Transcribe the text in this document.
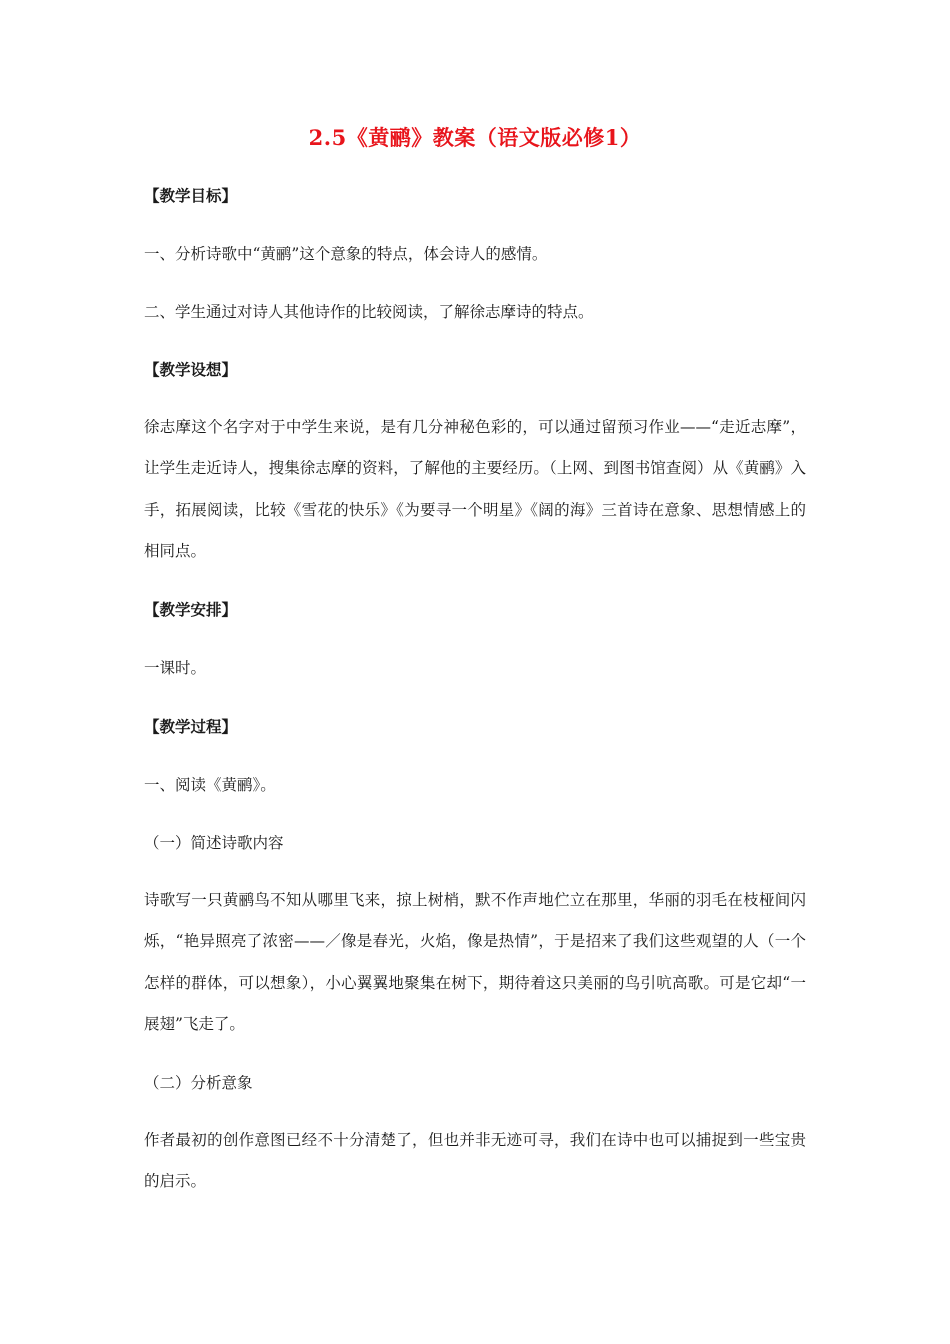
2.5《黄鹂》教案（语文版必修1）
【教学目标】
一、分析诗歌中“黄鹂”这个意象的特点，体会诗人的感情。
二、学生通过对诗人其他诗作的比较阅读，了解徐志摩诗的特点。
【教学设想】
徐志摩这个名字对于中学生来说，是有几分神秘色彩的，可以通过留预习作业——“走近志摩”，让学生走近诗人，搜集徐志摩的资料，了解他的主要经历。（上网、到图书馆查阅）从《黄鹂》入手，拓展阅读，比较《雪花的快乐》《为要寻一个明星》《阔的海》三首诗在意象、思想情感上的相同点。
【教学安排】
一课时。
【教学过程】
一、阅读《黄鹂》。
（一）简述诗歌内容
诗歌写一只黄鹂鸟不知从哪里飞来，掠上树梢，默不作声地伫立在那里，华丽的羽毛在枝桠间闪烁，“艳异照亮了浓密——／像是春光，火焰，像是热情”，于是招来了我们这些观望的人（一个怎样的群体，可以想象），小心翼翼地聚集在树下，期待着这只美丽的鸟引吭高歌。可是它却“一展翅”飞走了。
（二）分析意象
作者最初的创作意图已经不十分清楚了，但也并非无迹可寻，我们在诗中也可以捕捉到一些宝贵的启示。
